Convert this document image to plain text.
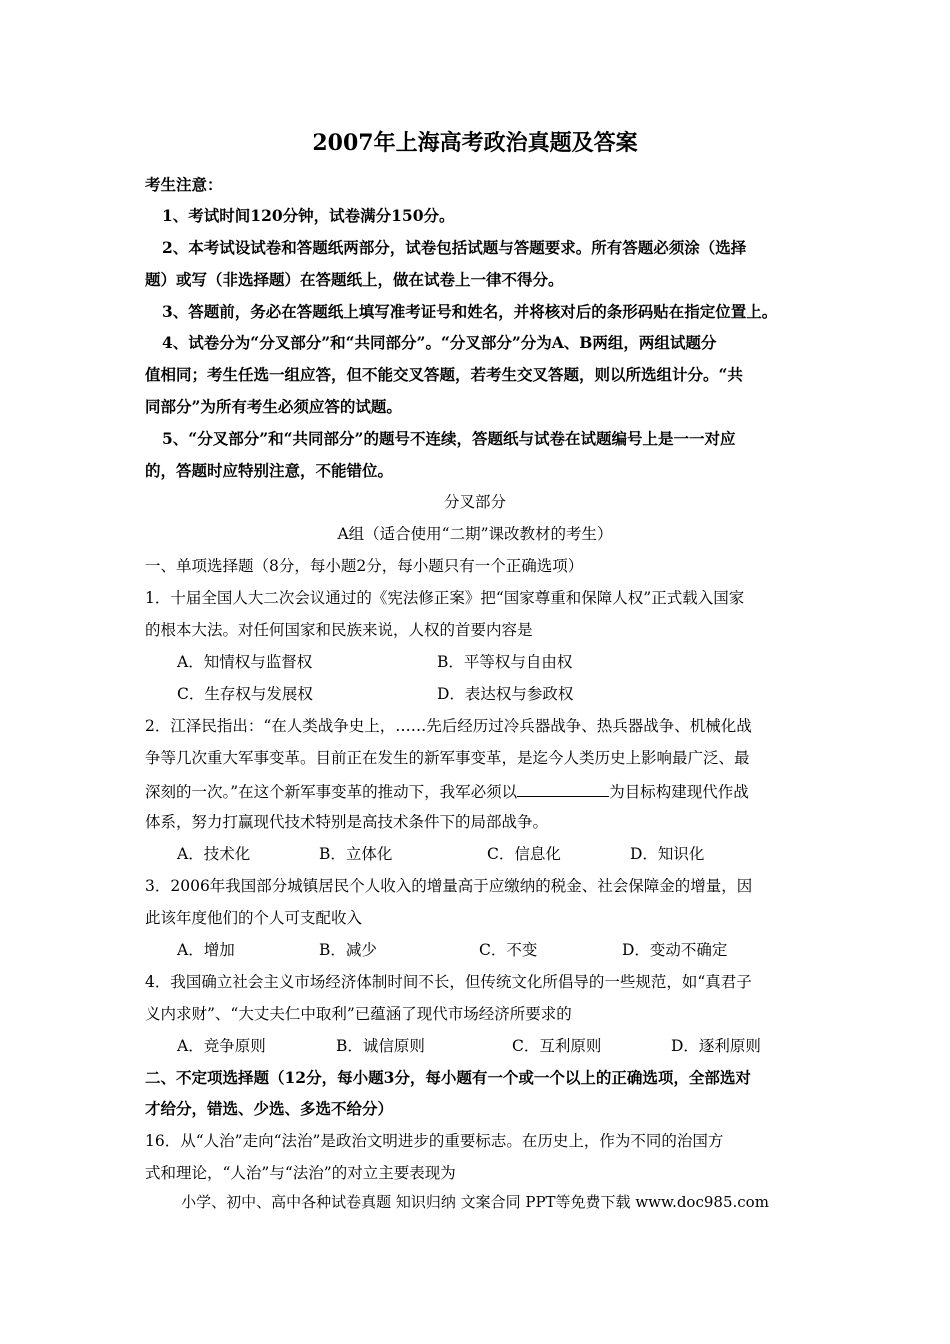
2007年上海高考政治真题及答案
考生注意：
1、考试时间120分钟，试卷满分150分。
2、本考试设试卷和答题纸两部分，试卷包括试题与答题要求。所有答题必须涂（选择
题）或写（非选择题）在答题纸上，做在试卷上一律不得分。
3、答题前，务必在答题纸上填写准考证号和姓名，并将核对后的条形码贴在指定位置上。
4、试卷分为“分叉部分”和“共同部分”。“分叉部分”分为A、B两组，两组试题分
值相同；考生任选一组应答，但不能交叉答题，若考生交叉答题，则以所选组计分。“共
同部分”为所有考生必须应答的试题。
5、“分叉部分”和“共同部分”的题号不连续，答题纸与试卷在试题编号上是一一对应
的，答题时应特别注意，不能错位。
分叉部分
A组（适合使用“二期”课改教材的考生）
一、单项选择题（8分，每小题2分，每小题只有一个正确选项）
1．十届全国人大二次会议通过的《宪法修正案》把“国家尊重和保障人权”正式载入国家
的根本大法。对任何国家和民族来说，人权的首要内容是
A．知情权与监督权	B．平等权与自由权
C．生存权与发展权	D．表达权与参政权
2．江泽民指出：“在人类战争史上，……先后经历过冷兵器战争、热兵器战争、机械化战
争等几次重大军事变革。目前正在发生的新军事变革，是迄今人类历史上影响最广泛、最
深刻的一次。”在这个新军事变革的推动下，我军必须以	为目标构建现代作战
体系，努力打赢现代技术特别是高技术条件下的局部战争。
A．技术化	B．立体化	C．信息化	D．知识化
3．2006年我国部分城镇居民个人收入的增量高于应缴纳的税金、社会保障金的增量，因
此该年度他们的个人可支配收入
A．增加	B．减少	C．不变	D．变动不确定
4．我国确立社会主义市场经济体制时间不长，但传统文化所倡导的一些规范，如“真君子
义内求财”、“大丈夫仁中取利”已蕴涵了现代市场经济所要求的
A．竞争原则	B．诚信原则	C．互利原则	D．逐利原则
二、不定项选择题（12分，每小题3分，每小题有一个或一个以上的正确选项，全部选对
才给分，错选、少选、多选不给分）
16．从“人治”走向“法治”是政治文明进步的重要标志。在历史上，作为不同的治国方
式和理论，“人治”与“法治”的对立主要表现为
小学、初中、高中各种试卷真题 知识归纳 文案合同 PPT等免费下载 www.doc985.com
